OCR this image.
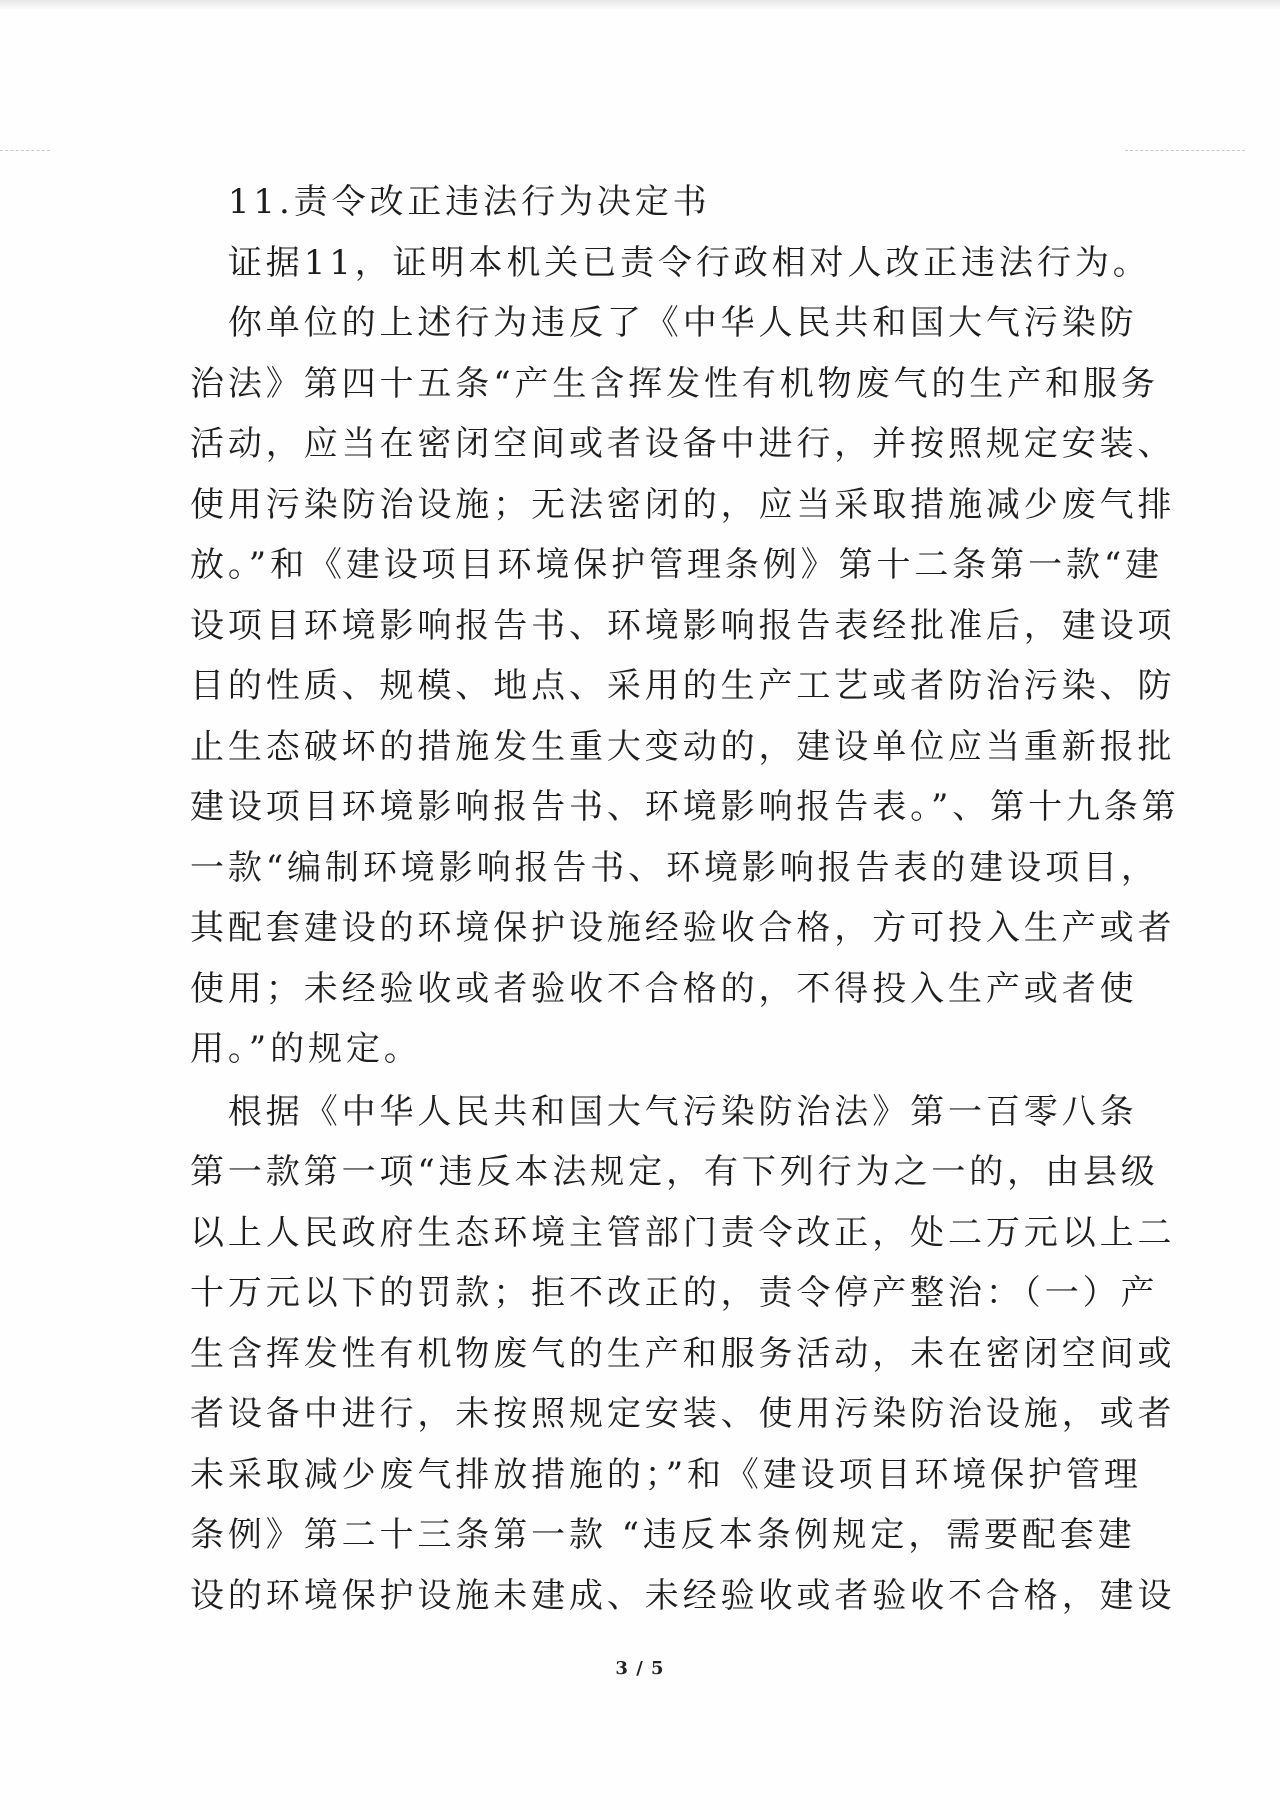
　11.责令改正违法行为决定书
　证据11，证明本机关已责令行政相对人改正违法行为。
　你单位的上述行为违反了《中华人民共和国大气污染防
治法》第四十五条“产生含挥发性有机物废气的生产和服务
活动，应当在密闭空间或者设备中进行，并按照规定安装、
使用污染防治设施；无法密闭的，应当采取措施减少废气排
放。”和《建设项目环境保护管理条例》第十二条第一款“建
设项目环境影响报告书、环境影响报告表经批准后，建设项
目的性质、规模、地点、采用的生产工艺或者防治污染、防
止生态破坏的措施发生重大变动的，建设单位应当重新报批
建设项目环境影响报告书、环境影响报告表。”、第十九条第
一款“编制环境影响报告书、环境影响报告表的建设项目，
其配套建设的环境保护设施经验收合格，方可投入生产或者
使用；未经验收或者验收不合格的，不得投入生产或者使
用。”的规定。
　根据《中华人民共和国大气污染防治法》第一百零八条
第一款第一项“违反本法规定，有下列行为之一的，由县级
以上人民政府生态环境主管部门责令改正，处二万元以上二
十万元以下的罚款；拒不改正的，责令停产整治：（一）产
生含挥发性有机物废气的生产和服务活动，未在密闭空间或
者设备中进行，未按照规定安装、使用污染防治设施，或者
未采取减少废气排放措施的；”和《建设项目环境保护管理
条例》第二十三条第一款 “违反本条例规定，需要配套建
设的环境保护设施未建成、未经验收或者验收不合格，建设
3 / 5
